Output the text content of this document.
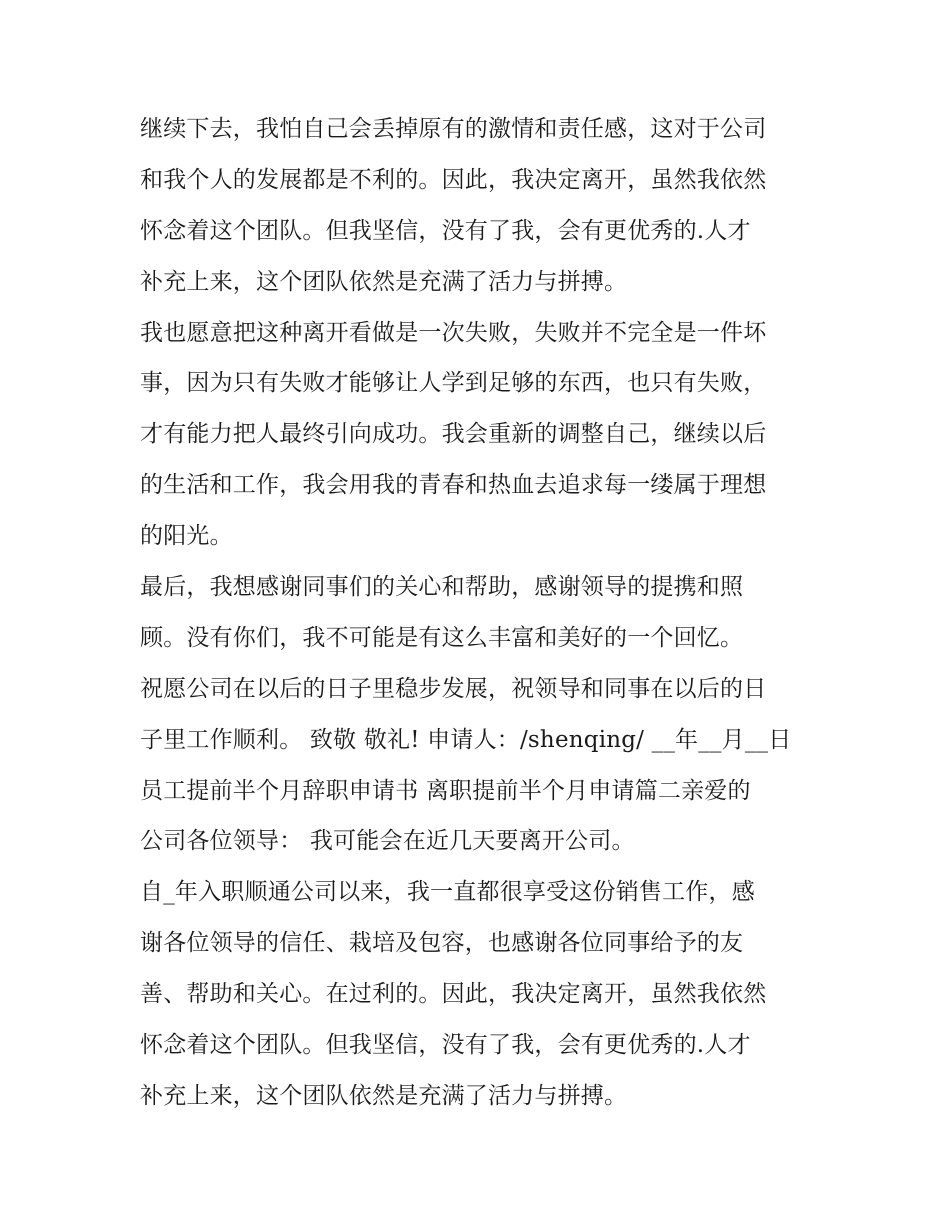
继续下去，我怕自己会丢掉原有的激情和责任感，这对于公司
和我个人的发展都是不利的。因此，我决定离开，虽然我依然
怀念着这个团队。但我坚信，没有了我，会有更优秀的.人才
补充上来，这个团队依然是充满了活力与拼搏。
我也愿意把这种离开看做是一次失败，失败并不完全是一件坏
事，因为只有失败才能够让人学到足够的东西，也只有失败，
才有能力把人最终引向成功。我会重新的调整自己，继续以后
的生活和工作，我会用我的青春和热血去追求每一缕属于理想
的阳光。
最后，我想感谢同事们的关心和帮助，感谢领导的提携和照
顾。没有你们，我不可能是有这么丰富和美好的一个回忆。
祝愿公司在以后的日子里稳步发展，祝领导和同事在以后的日
子里工作顺利。 致敬 敬礼! 申请人：/shenqing/ __年__月__日
员工提前半个月辞职申请书 离职提前半个月申请篇二亲爱的
公司各位领导： 我可能会在近几天要离开公司。
自_年入职顺通公司以来，我一直都很享受这份销售工作，感
谢各位领导的信任、栽培及包容，也感谢各位同事给予的友
善、帮助和关心。在过利的。因此，我决定离开，虽然我依然
怀念着这个团队。但我坚信，没有了我，会有更优秀的.人才
补充上来，这个团队依然是充满了活力与拼搏。
